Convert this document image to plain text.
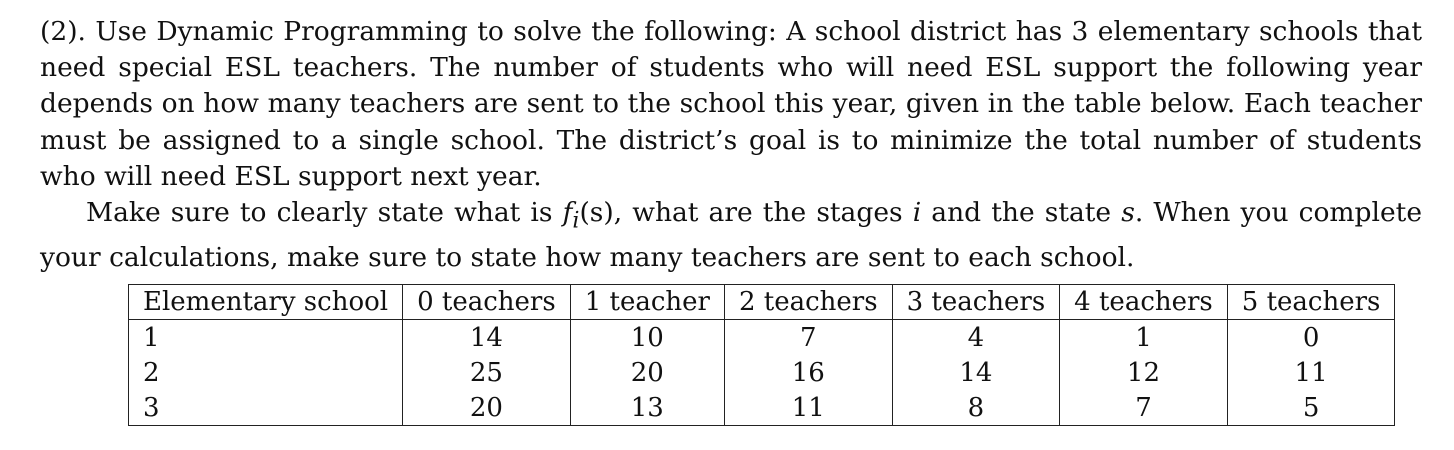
(2). Use Dynamic Programming to solve the following: A school district has 3 elementary schools that need special ESL teachers. The number of students who will need ESL support the following year depends on how many teachers are sent to the school this year, given in the table below. Each teacher must be assigned to a single school. The district’s goal is to minimize the total number of students who will need ESL support next year.

Make sure to clearly state what is $f_i(s)$, what are the stages i and the state s. When you complete your calculations, make sure to state how many teachers are sent to each school.

Elementary school	0 teachers	1 teacher	2 teachers	3 teachers	4 teachers	5 teachers
1	14	10	7	4	1	0
2	25	20	16	14	12	11
3	20	13	11	8	7	5
